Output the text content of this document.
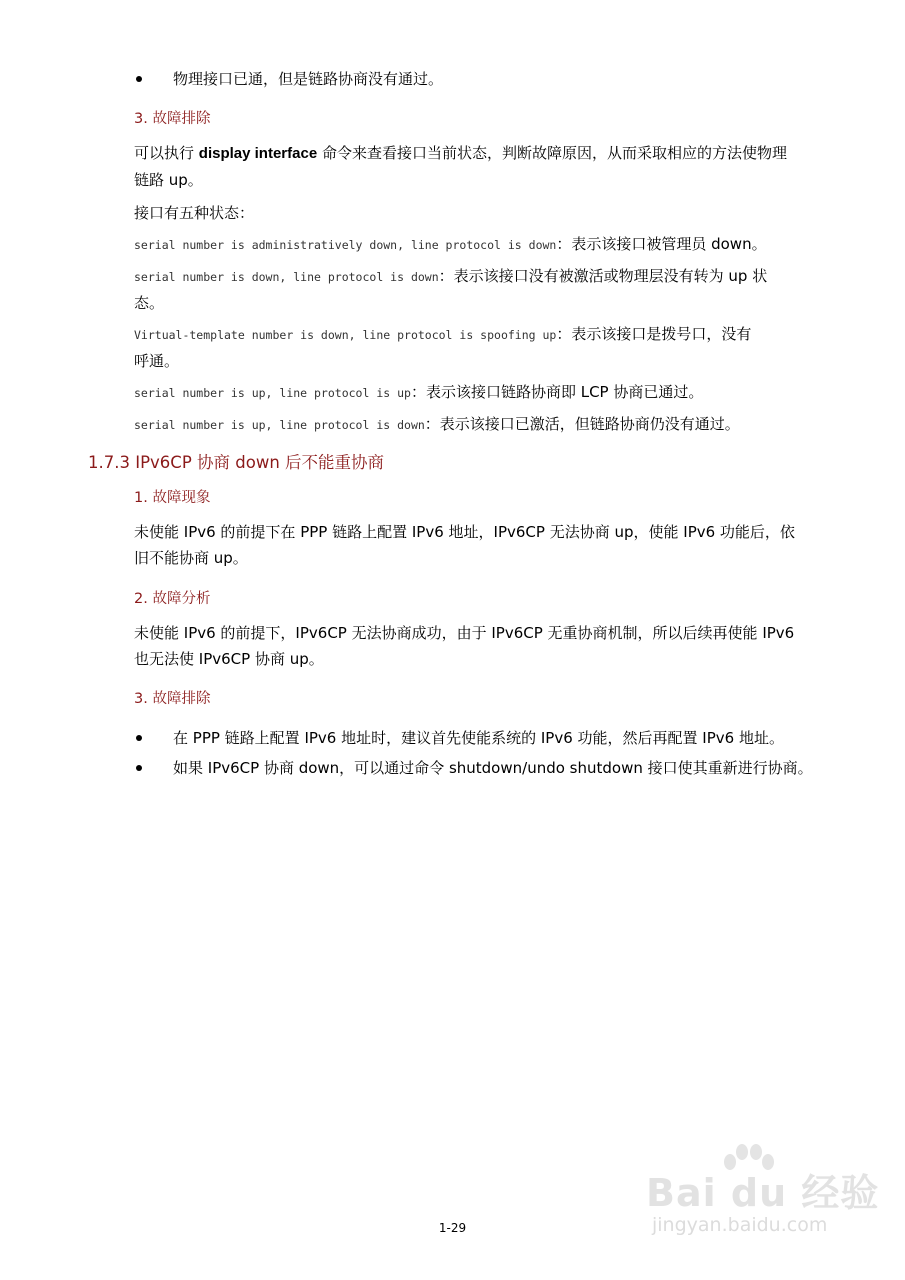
物理接口已通，但是链路协商没有通过。
3. 故障排除
可以执行 display interface 命令来查看接口当前状态，判断故障原因，从而采取相应的方法使物理
链路 up。
接口有五种状态：
serial number is administratively down, line protocol is down：表示该接口被管理员 down。
serial number is down, line protocol is down：表示该接口没有被激活或物理层没有转为 up 状
态。
Virtual-template number is down, line protocol is spoofing up：表示该接口是拨号口，没有
呼通。
serial number is up, line protocol is up：表示该接口链路协商即 LCP 协商已通过。
serial number is up, line protocol is down：表示该接口已激活，但链路协商仍没有通过。
1.7.3 IPv6CP 协商 down 后不能重协商
1. 故障现象
未使能 IPv6 的前提下在 PPP 链路上配置 IPv6 地址，IPv6CP 无法协商 up，使能 IPv6 功能后，依
旧不能协商 up。
2. 故障分析
未使能 IPv6 的前提下，IPv6CP 无法协商成功，由于 IPv6CP 无重协商机制，所以后续再使能 IPv6
也无法使 IPv6CP 协商 up。
3. 故障排除
在 PPP 链路上配置 IPv6 地址时，建议首先使能系统的 IPv6 功能，然后再配置 IPv6 地址。
如果 IPv6CP 协商 down，可以通过命令 shutdown/undo shutdown 接口使其重新进行协商。
1-29
Bai du 经验
jingyan.baidu.com
